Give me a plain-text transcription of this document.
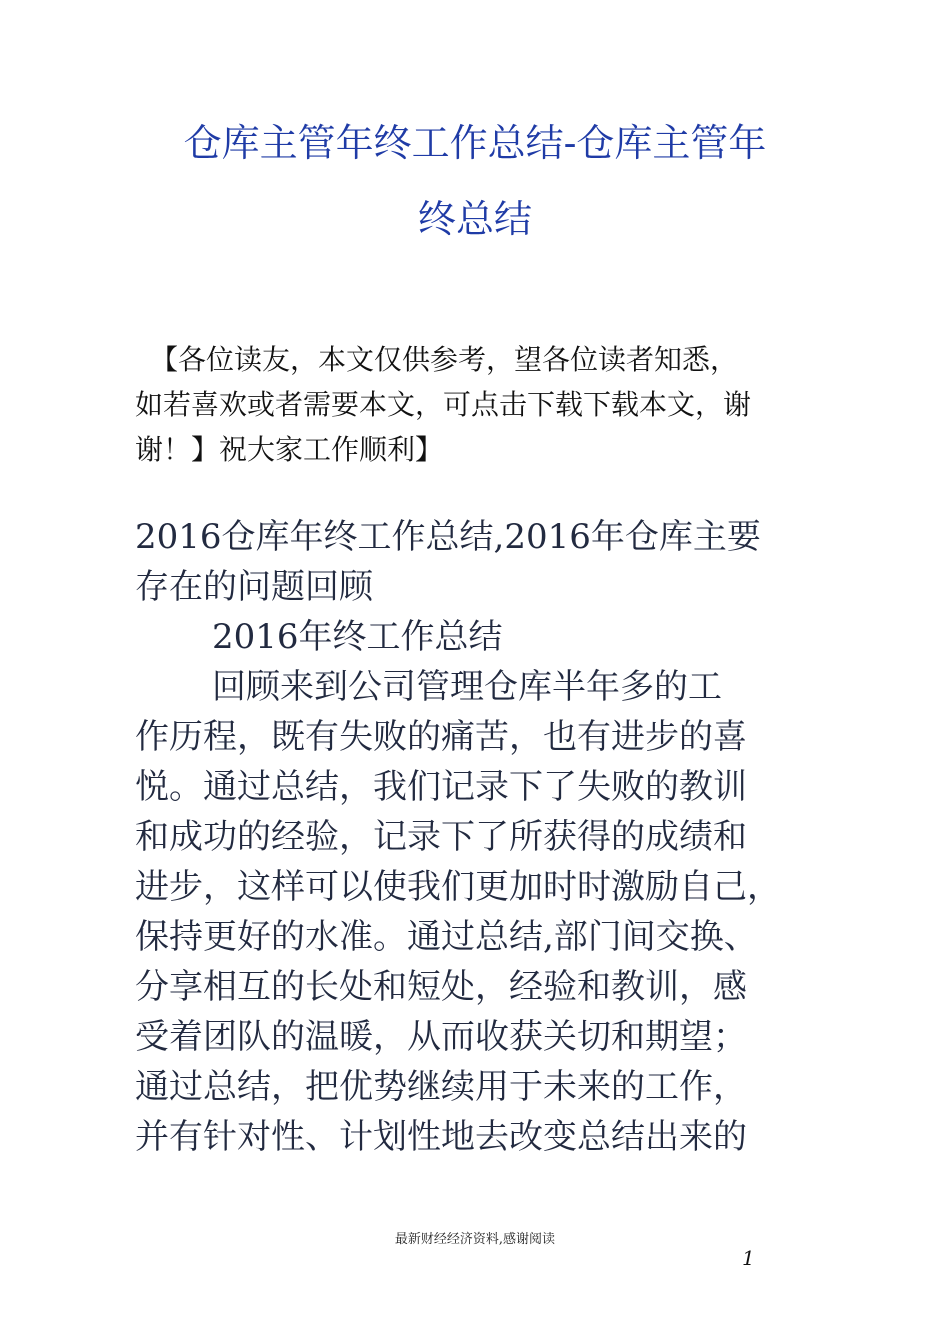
仓库主管年终工作总结-仓库主管年
终总结

【各位读友，本文仅供参考，望各位读者知悉，

如若喜欢或者需要本文，可点击下载下载本文，谢

谢！】祝大家工作顺利】

2016仓库年终工作总结,2016年仓库主要

存在的问题回顾

2016年终工作总结

回顾来到公司管理仓库半年多的工

作历程，既有失败的痛苦，也有进步的喜

悦。通过总结，我们记录下了失败的教训

和成功的经验，记录下了所获得的成绩和

进步，这样可以使我们更加时时激励自己，

保持更好的水准。通过总结,部门间交换、

分享相互的长处和短处，经验和教训，感

受着团队的温暖，从而收获关切和期望；

通过总结，把优势继续用于未来的工作，

并有针对性、计划性地去改变总结出来的

最新财经经济资料,感谢阅读

1
